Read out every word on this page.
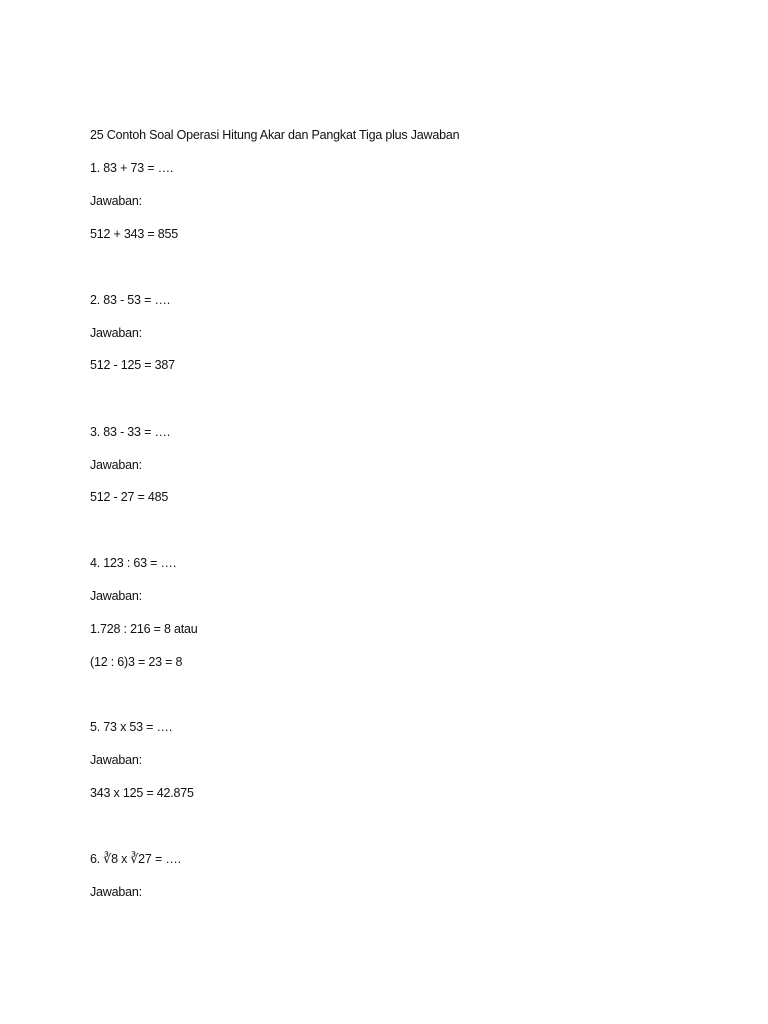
25 Contoh Soal Operasi Hitung Akar dan Pangkat Tiga plus Jawaban
1. 83 + 73 = ….
Jawaban:
512 + 343 = 855
2. 83 - 53 = ….
Jawaban:
512 - 125 = 387
3. 83 - 33 = ….
Jawaban:
512 - 27 = 485
4. 123 : 63 = ….
Jawaban:
1.728 : 216 = 8 atau
(12 : 6)3 = 23 = 8
5. 73 x 53 = ….
Jawaban:
343 x 125 = 42.875
6. ∛8 x ∛27 = ….
Jawaban:
